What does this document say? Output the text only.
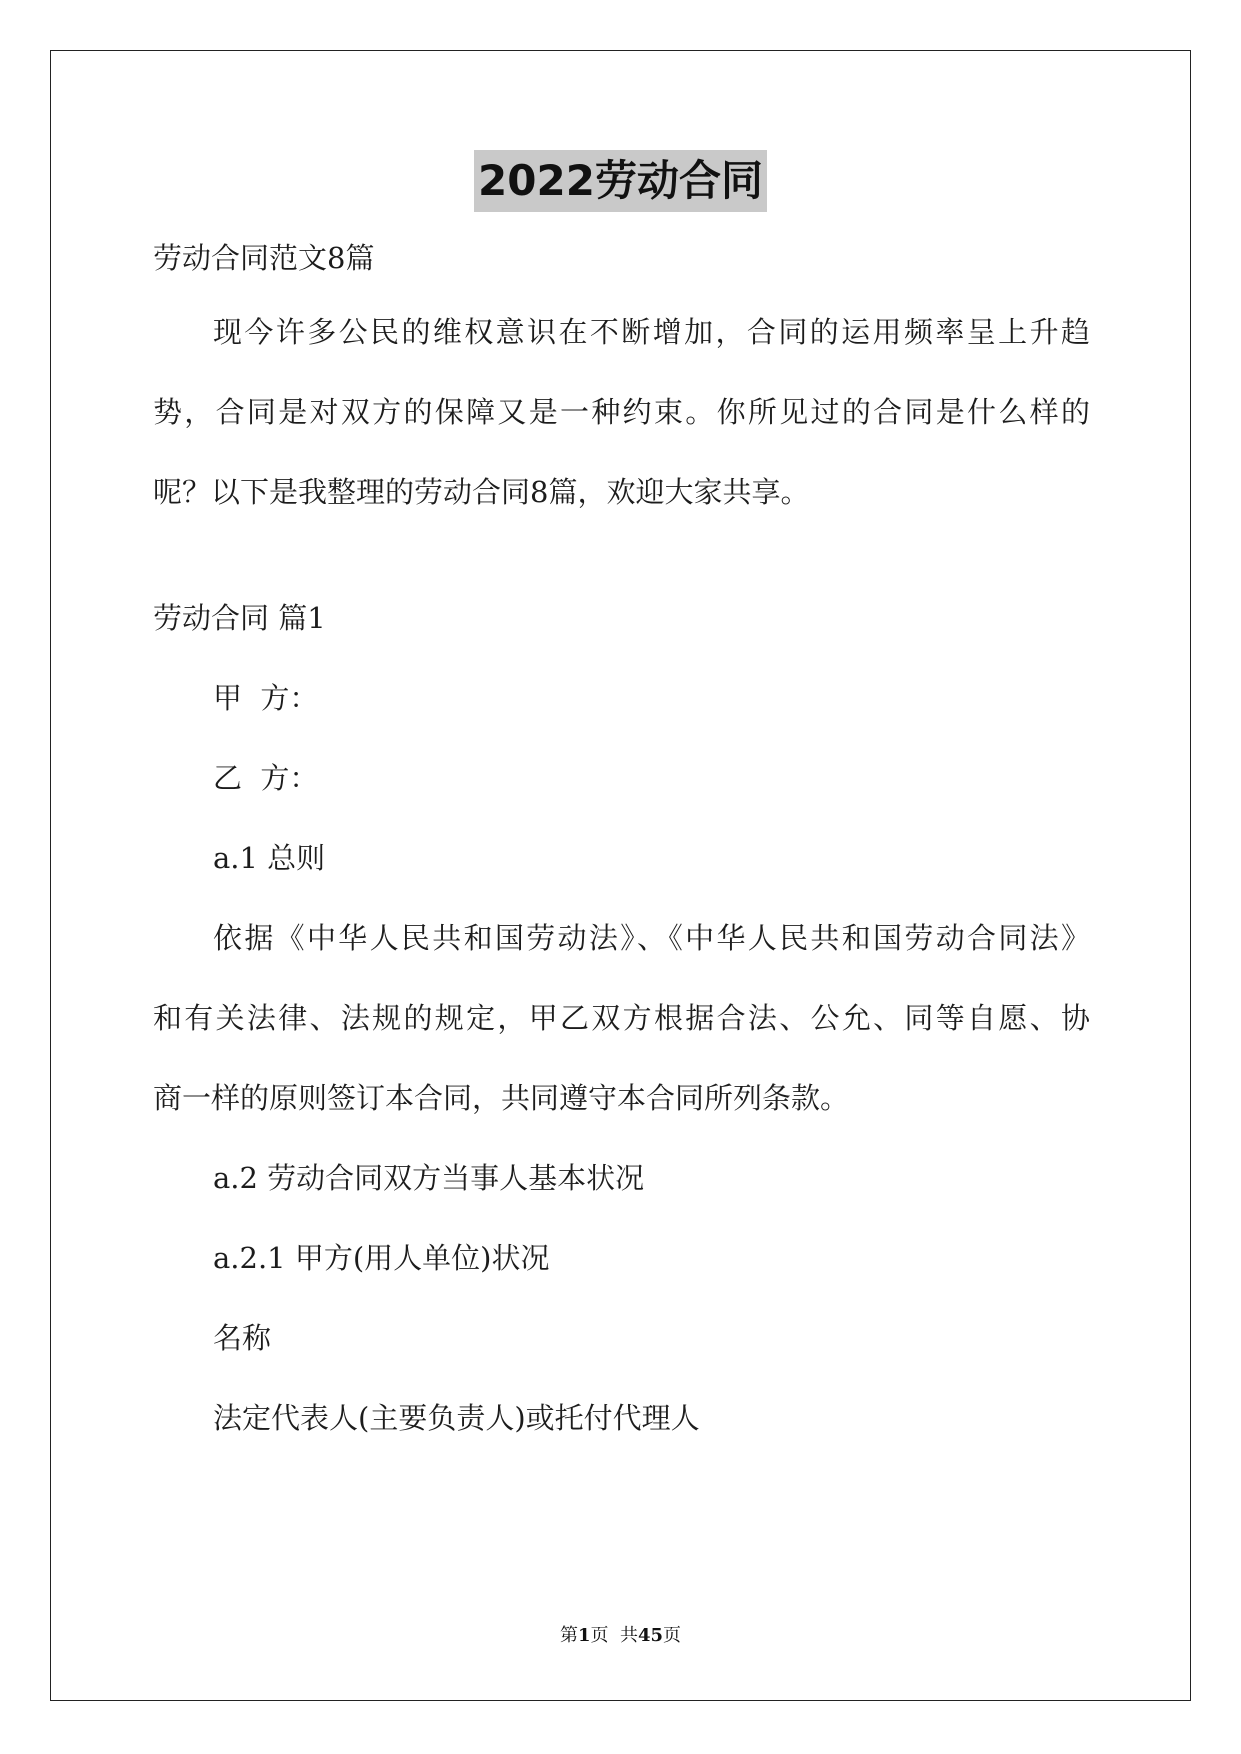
2022劳动合同
劳动合同范文8篇
现今许多公民的维权意识在不断增加，合同的运用频率呈上升趋
势，合同是对双方的保障又是一种约束。你所见过的合同是什么样的
呢？以下是我整理的劳动合同8篇，欢迎大家共享。
劳动合同 篇1
甲  方：
乙  方：
a.1 总则
依据《中华人民共和国劳动法》、《中华人民共和国劳动合同法》
和有关法律、法规的规定，甲乙双方根据合法、公允、同等自愿、协
商一样的原则签订本合同，共同遵守本合同所列条款。
a.2 劳动合同双方当事人基本状况
a.2.1 甲方(用人单位)状况
名称
法定代表人(主要负责人)或托付代理人
第1页  共45页
